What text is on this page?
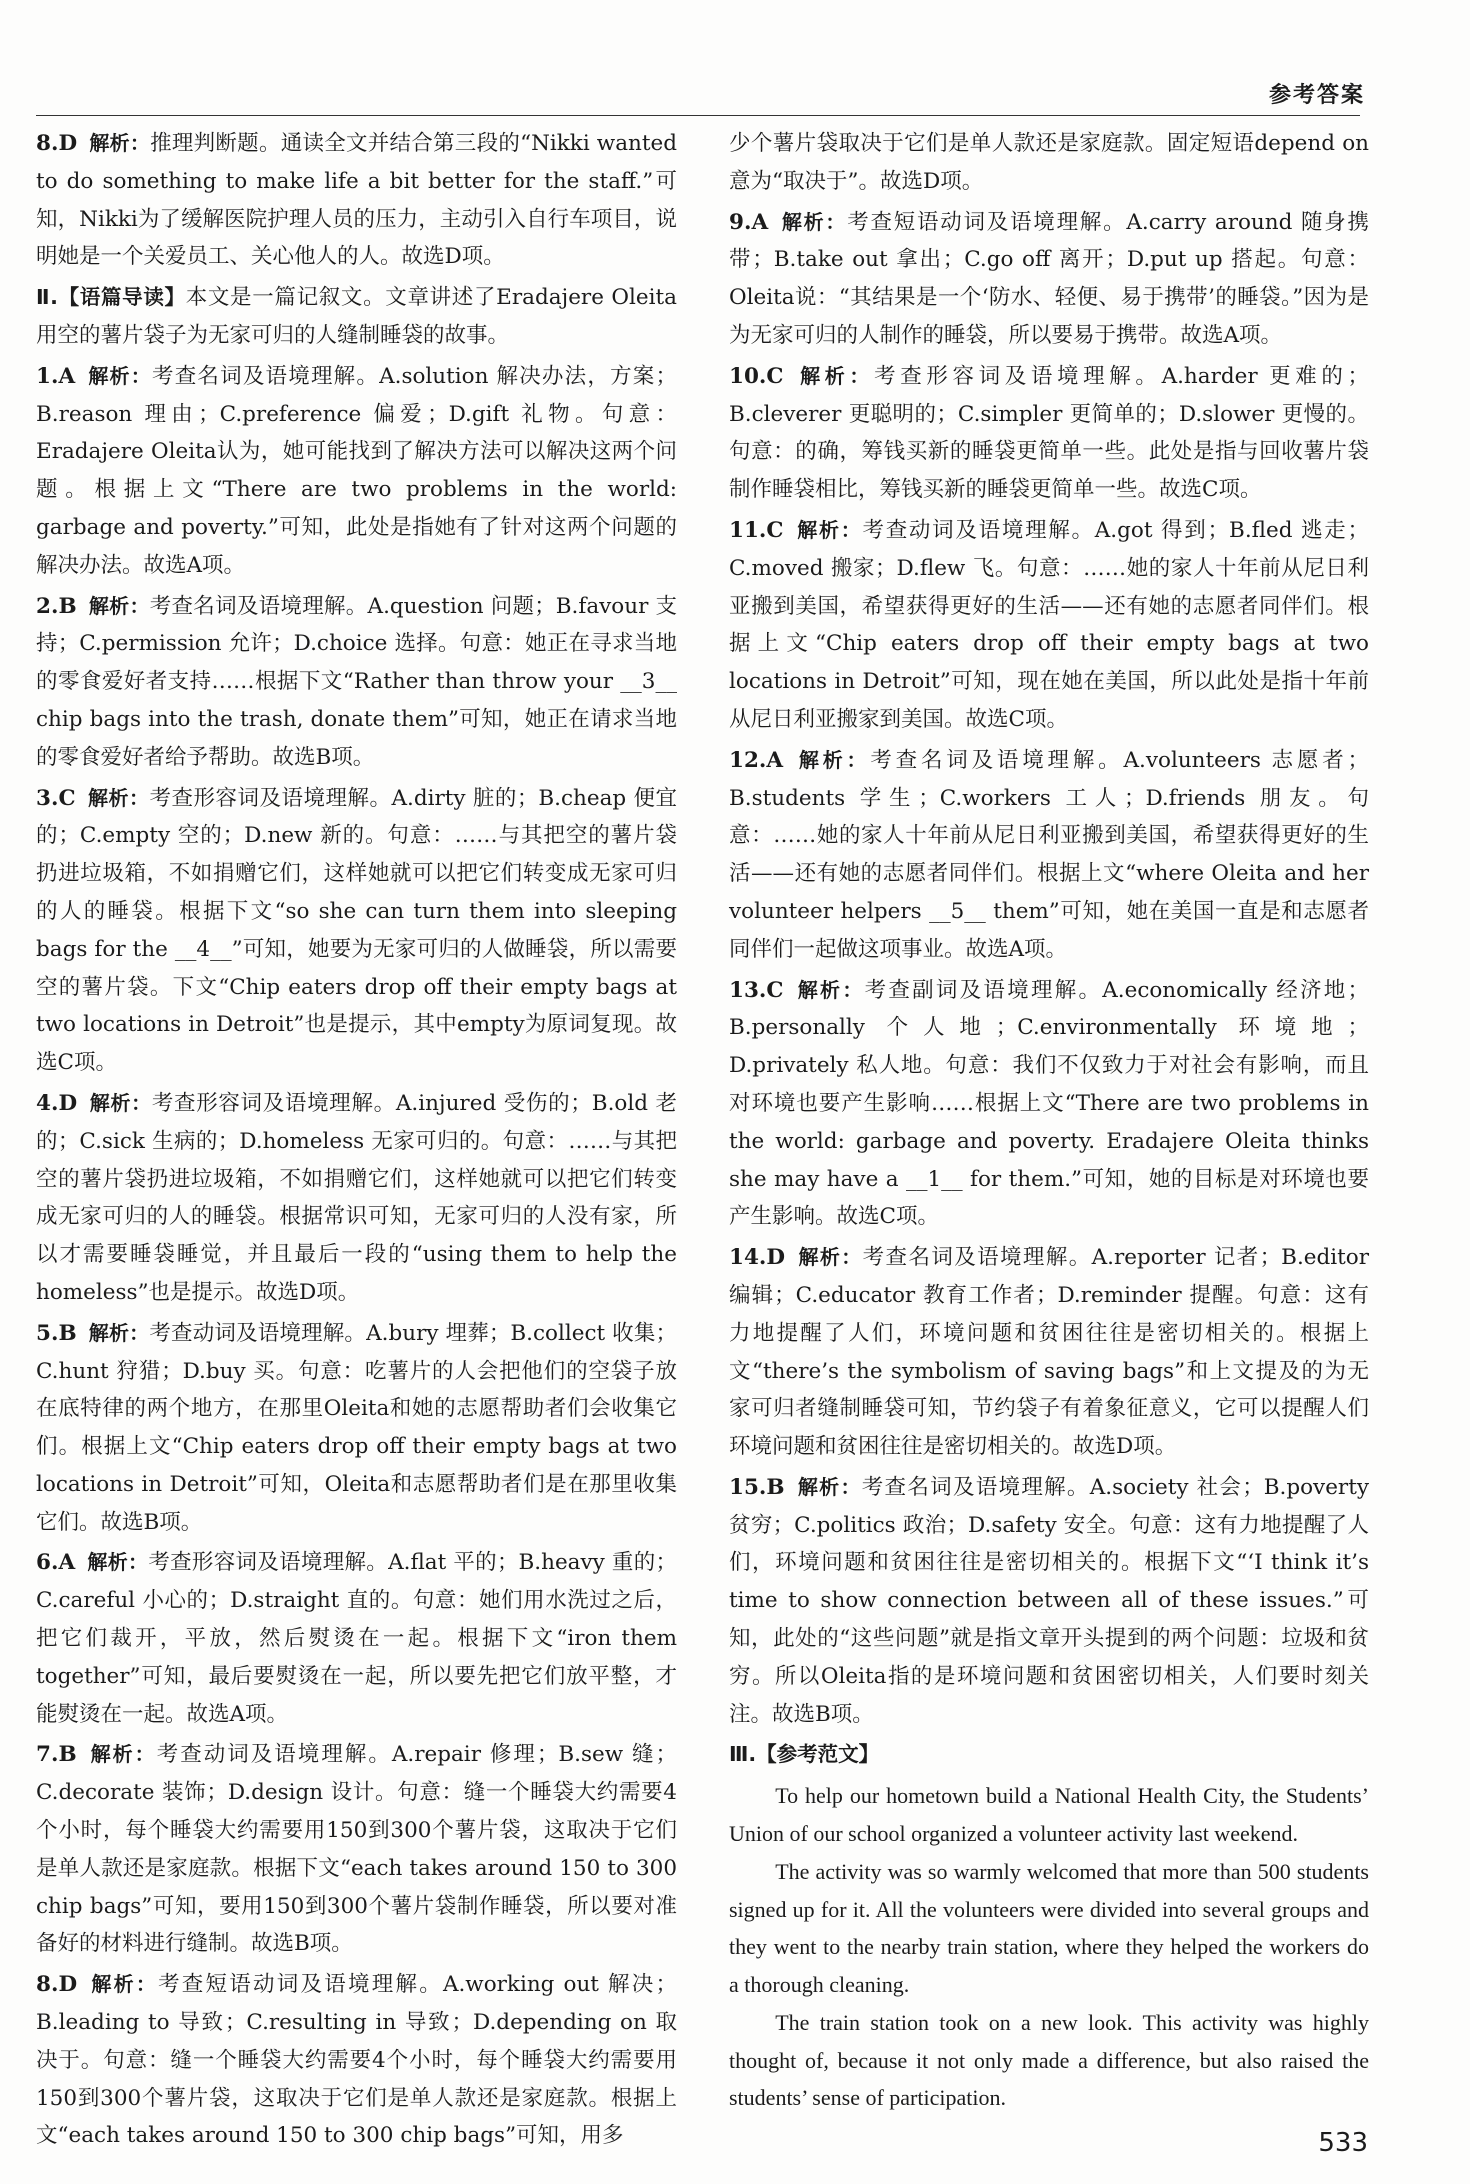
参考答案
8.D 解析：推理判断题。通读全文并结合第三段的“Nikki wanted to do something to make life a bit better for the staff.”可知，Nikki为了缓解医院护理人员的压力，主动引入自行车项目，说明她是一个关爱员工、关心他人的人。故选D项。
Ⅱ.【语篇导读】本文是一篇记叙文。文章讲述了Eradajere Oleita用空的薯片袋子为无家可归的人缝制睡袋的故事。
1.A 解析：考查名词及语境理解。A.solution 解决办法，方案；B.reason 理由；C.preference 偏爱；D.gift 礼物。句意：Eradajere Oleita认为，她可能找到了解决方法可以解决这两个问题。根据上文“There are two problems in the world: garbage and poverty.”可知，此处是指她有了针对这两个问题的解决办法。故选A项。
2.B 解析：考查名词及语境理解。A.question 问题；B.favour 支持；C.permission 允许；D.choice 选择。句意：她正在寻求当地的零食爱好者支持……根据下文“Rather than throw your __3__ chip bags into the trash, donate them”可知，她正在请求当地的零食爱好者给予帮助。故选B项。
3.C 解析：考查形容词及语境理解。A.dirty 脏的；B.cheap 便宜的；C.empty 空的；D.new 新的。句意：……与其把空的薯片袋扔进垃圾箱，不如捐赠它们，这样她就可以把它们转变成无家可归的人的睡袋。根据下文“so she can turn them into sleeping bags for the __4__”可知，她要为无家可归的人做睡袋，所以需要空的薯片袋。下文“Chip eaters drop off their empty bags at two locations in Detroit”也是提示，其中empty为原词复现。故选C项。
4.D 解析：考查形容词及语境理解。A.injured 受伤的；B.old 老的；C.sick 生病的；D.homeless 无家可归的。句意：……与其把空的薯片袋扔进垃圾箱，不如捐赠它们，这样她就可以把它们转变成无家可归的人的睡袋。根据常识可知，无家可归的人没有家，所以才需要睡袋睡觉，并且最后一段的“using them to help the homeless”也是提示。故选D项。
5.B 解析：考查动词及语境理解。A.bury 埋葬；B.collect 收集；C.hunt 狩猎；D.buy 买。句意：吃薯片的人会把他们的空袋子放在底特律的两个地方，在那里Oleita和她的志愿帮助者们会收集它们。根据上文“Chip eaters drop off their empty bags at two locations in Detroit”可知，Oleita和志愿帮助者们是在那里收集它们。故选B项。
6.A 解析：考查形容词及语境理解。A.flat 平的；B.heavy 重的；C.careful 小心的；D.straight 直的。句意：她们用水洗过之后，把它们裁开，平放，然后熨烫在一起。根据下文“iron them together”可知，最后要熨烫在一起，所以要先把它们放平整，才能熨烫在一起。故选A项。
7.B 解析：考查动词及语境理解。A.repair 修理；B.sew 缝；C.decorate 装饰；D.design 设计。句意：缝一个睡袋大约需要4个小时，每个睡袋大约需要用150到300个薯片袋，这取决于它们是单人款还是家庭款。根据下文“each takes around 150 to 300 chip bags”可知，要用150到300个薯片袋制作睡袋，所以要对准备好的材料进行缝制。故选B项。
8.D 解析：考查短语动词及语境理解。A.working out 解决；B.leading to 导致；C.resulting in 导致；D.depending on 取决于。句意：缝一个睡袋大约需要4个小时，每个睡袋大约需要用150到300个薯片袋，这取决于它们是单人款还是家庭款。根据上文“each takes around 150 to 300 chip bags”可知，用多
少个薯片袋取决于它们是单人款还是家庭款。固定短语depend on意为“取决于”。故选D项。
9.A 解析：考查短语动词及语境理解。A.carry around 随身携带；B.take out 拿出；C.go off 离开；D.put up 搭起。句意：Oleita说：“其结果是一个‘防水、轻便、易于携带’的睡袋。”因为是为无家可归的人制作的睡袋，所以要易于携带。故选A项。
10.C 解析：考查形容词及语境理解。A.harder 更难的；B.cleverer 更聪明的；C.simpler 更简单的；D.slower 更慢的。句意：的确，筹钱买新的睡袋更简单一些。此处是指与回收薯片袋制作睡袋相比，筹钱买新的睡袋更简单一些。故选C项。
11.C 解析：考查动词及语境理解。A.got 得到；B.fled 逃走；C.moved 搬家；D.flew 飞。句意：……她的家人十年前从尼日利亚搬到美国，希望获得更好的生活——还有她的志愿者同伴们。根据上文“Chip eaters drop off their empty bags at two locations in Detroit”可知，现在她在美国，所以此处是指十年前从尼日利亚搬家到美国。故选C项。
12.A 解析：考查名词及语境理解。A.volunteers 志愿者；B.students 学生；C.workers 工人；D.friends 朋友。句意：……她的家人十年前从尼日利亚搬到美国，希望获得更好的生活——还有她的志愿者同伴们。根据上文“where Oleita and her volunteer helpers __5__ them”可知，她在美国一直是和志愿者同伴们一起做这项事业。故选A项。
13.C 解析：考查副词及语境理解。A.economically 经济地；B.personally 个人地；C.environmentally 环境地；D.privately 私人地。句意：我们不仅致力于对社会有影响，而且对环境也要产生影响……根据上文“There are two problems in the world: garbage and poverty. Eradajere Oleita thinks she may have a __1__ for them.”可知，她的目标是对环境也要产生影响。故选C项。
14.D 解析：考查名词及语境理解。A.reporter 记者；B.editor 编辑；C.educator 教育工作者；D.reminder 提醒。句意：这有力地提醒了人们，环境问题和贫困往往是密切相关的。根据上文“there’s the symbolism of saving bags”和上文提及的为无家可归者缝制睡袋可知，节约袋子有着象征意义，它可以提醒人们环境问题和贫困往往是密切相关的。故选D项。
15.B 解析：考查名词及语境理解。A.society 社会；B.poverty 贫穷；C.politics 政治；D.safety 安全。句意：这有力地提醒了人们，环境问题和贫困往往是密切相关的。根据下文“‘I think it’s time to show connection between all of these issues.”可知，此处的“这些问题”就是指文章开头提到的两个问题：垃圾和贫穷。所以Oleita指的是环境问题和贫困密切相关，人们要时刻关注。故选B项。
Ⅲ.【参考范文】

To help our hometown build a National Health City, the Students’ Union of our school organized a volunteer activity last weekend.

The activity was so warmly welcomed that more than 500 students signed up for it. All the volunteers were divided into several groups and they went to the nearby train station, where they helped the workers do a thorough cleaning.

The train station took on a new look. This activity was highly thought of, because it not only made a difference, but also raised the students’ sense of participation.

533
